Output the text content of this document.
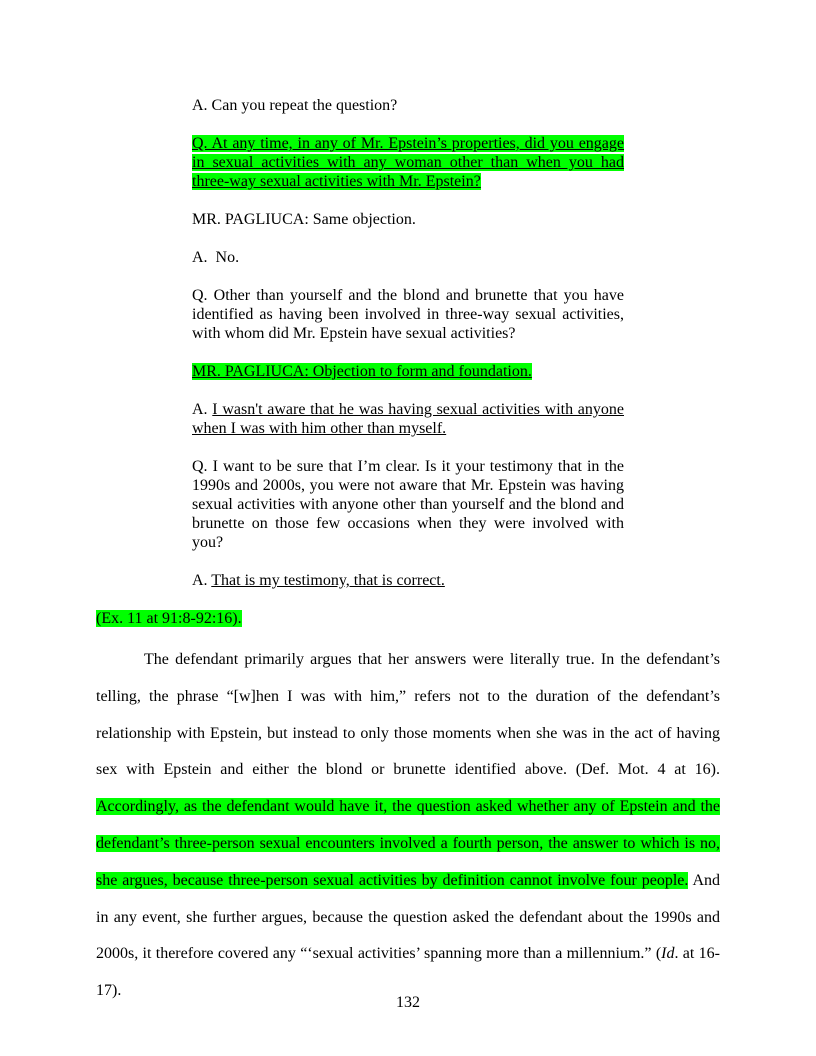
A. Can you repeat the question?

Q. At any time, in any of Mr. Epstein’s properties, did you engage in sexual activities with any woman other than when you had three-way sexual activities with Mr. Epstein?

MR. PAGLIUCA: Same objection.

A.  No.

Q. Other than yourself and the blond and brunette that you have identified as having been involved in three-way sexual activities, with whom did Mr. Epstein have sexual activities?

MR. PAGLIUCA: Objection to form and foundation.

A. I wasn't aware that he was having sexual activities with anyone when I was with him other than myself.

Q. I want to be sure that I’m clear. Is it your testimony that in the 1990s and 2000s, you were not aware that Mr. Epstein was having sexual activities with anyone other than yourself and the blond and brunette on those few occasions when they were involved with you?

A. That is my testimony, that is correct.

(Ex. 11 at 91:8-92:16).

The defendant primarily argues that her answers were literally true. In the defendant’s telling, the phrase “[w]hen I was with him,” refers not to the duration of the defendant’s relationship with Epstein, but instead to only those moments when she was in the act of having sex with Epstein and either the blond or brunette identified above. (Def. Mot. 4 at 16). Accordingly, as the defendant would have it, the question asked whether any of Epstein and the defendant’s three-person sexual encounters involved a fourth person, the answer to which is no, she argues, because three-person sexual activities by definition cannot involve four people. And in any event, she further argues, because the question asked the defendant about the 1990s and 2000s, it therefore covered any “‘sexual activities’ spanning more than a millennium.” (Id. at 16-17).

132
